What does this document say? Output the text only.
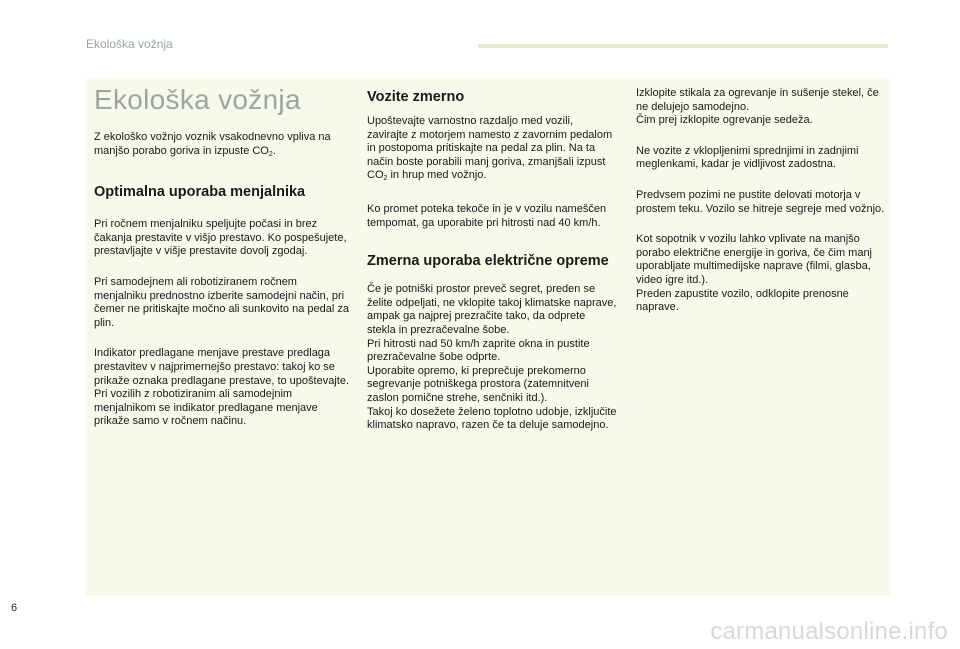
Ekološka vožnja
Ekološka vožnja

Z ekološko vožnjo voznik vsakodnevno vpliva na manjšo porabo goriva in izpuste $CO_2$.

Optimalna uporaba menjalnika

Pri ročnem menjalniku speljujte počasi in brez čakanja prestavite v višjo prestavo. Ko pospešujete, prestavljajte v višje prestavite dovolj zgodaj.

Pri samodejnem ali robotiziranem ročnem menjalniku prednostno izberite samodejni način, pri čemer ne pritiskajte močno ali sunkovito na pedal za plin.

Indikator predlagane menjave prestave predlaga prestavitev v najprimernejšo prestavo: takoj ko se prikaže oznaka predlagane prestave, to upoštevajte.

Pri vozilih z robotiziranim ali samodejnim menjalnikom se indikator predlagane menjave prikaže samo v ročnem načinu.

Vozite zmerno

Upoštevajte varnostno razdaljo med vozili, zavirajte z motorjem namesto z zavornim pedalom in postopoma pritiskajte na pedal za plin. Na ta način boste porabili manj goriva, zmanjšali izpust $CO_2$ in hrup med vožnjo.

Ko promet poteka tekoče in je v vozilu nameščen tempomat, ga uporabite pri hitrosti nad 40 km/h.

Zmerna uporaba električne opreme

Če je potniški prostor preveč segret, preden se želite odpeljati, ne vklopite takoj klimatske naprave, ampak ga najprej prezračite tako, da odprete stekla in prezračevalne šobe.

Pri hitrosti nad 50 km/h zaprite okna in pustite prezračevalne šobe odprte.

Uporabite opremo, ki preprečuje prekomerno segrevanje potniškega prostora (zatemnitveni zaslon pomične strehe, senčniki itd.).

Takoj ko dosežete želeno toplotno udobje, izključite klimatsko napravo, razen če ta deluje samodejno.

Izklopite stikala za ogrevanje in sušenje stekel, če ne delujejo samodejno.

Čim prej izklopite ogrevanje sedeža.

Ne vozite z vklopljenimi sprednjimi in zadnjimi meglenkami, kadar je vidljivost zadostna.

Predvsem pozimi ne pustite delovati motorja v prostem teku. Vozilo se hitreje segreje med vožnjo.

Kot sopotnik v vozilu lahko vplivate na manjšo porabo električne energije in goriva, če čim manj uporabljate multimedijske naprave (filmi, glasba, video igre itd.).

Preden zapustite vozilo, odklopite prenosne naprave.

6
carmanualsonline.info
